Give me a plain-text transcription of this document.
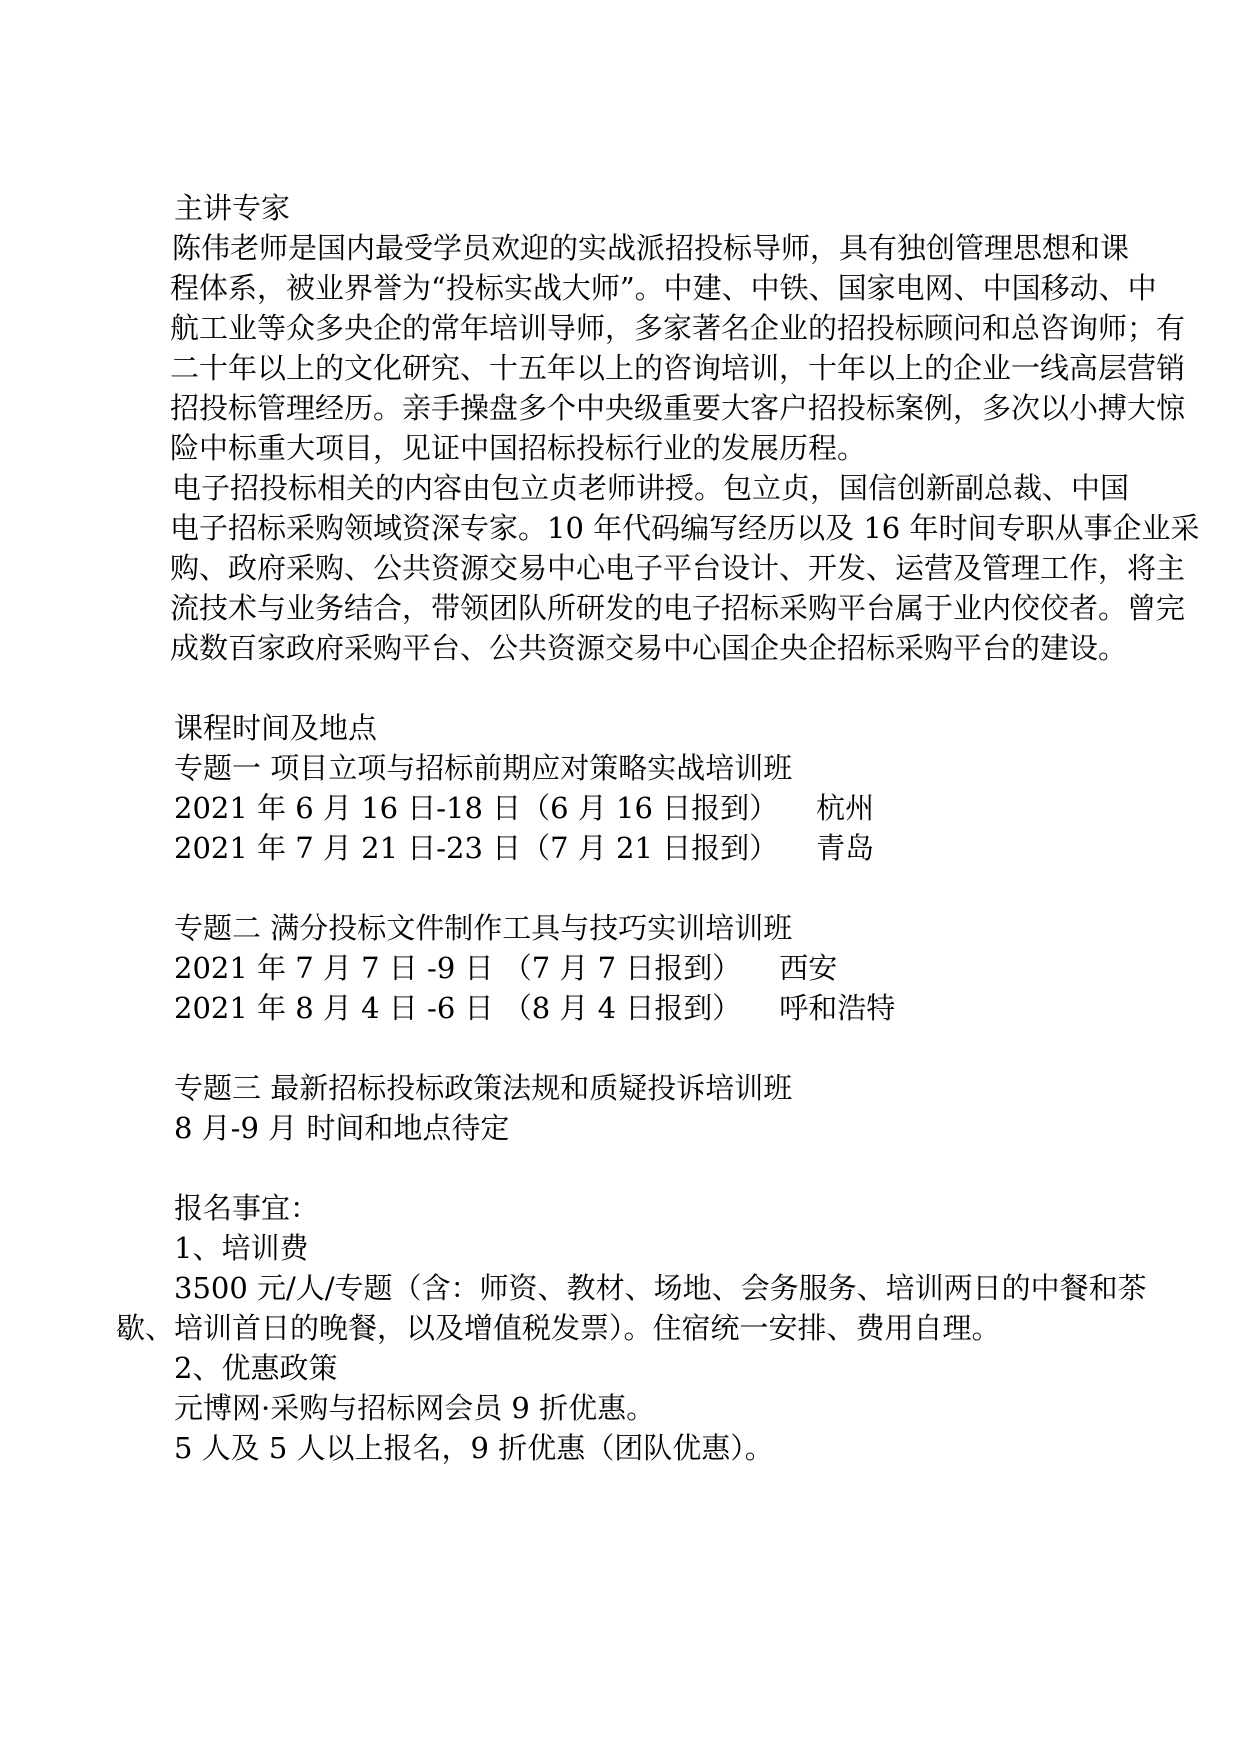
主讲专家
陈伟老师是国内最受学员欢迎的实战派招投标导师，具有独创管理思想和课
程体系，被业界誉为“投标实战大师”。中建、中铁、国家电网、中国移动、中
航工业等众多央企的常年培训导师，多家著名企业的招投标顾问和总咨询师；有
二十年以上的文化研究、十五年以上的咨询培训，十年以上的企业一线高层营销
招投标管理经历。亲手操盘多个中央级重要大客户招投标案例，多次以小搏大惊
险中标重大项目，见证中国招标投标行业的发展历程。
电子招投标相关的内容由包立贞老师讲授。包立贞，国信创新副总裁、中国
电子招标采购领域资深专家。10 年代码编写经历以及 16 年时间专职从事企业采
购、政府采购、公共资源交易中心电子平台设计、开发、运营及管理工作，将主
流技术与业务结合，带领团队所研发的电子招标采购平台属于业内佼佼者。曾完
成数百家政府采购平台、公共资源交易中心国企央企招标采购平台的建设。
课程时间及地点
专题一 项目立项与招标前期应对策略实战培训班
2021 年 6 月 16 日-18 日（6 月 16 日报到） 杭州
2021 年 7 月 21 日-23 日（7 月 21 日报到） 青岛
专题二 满分投标文件制作工具与技巧实训培训班
2021 年 7 月 7 日 -9 日 （7 月 7 日报到） 西安
2021 年 8 月 4 日 -6 日 （8 月 4 日报到） 呼和浩特
专题三 最新招标投标政策法规和质疑投诉培训班
8 月-9 月 时间和地点待定
报名事宜：
1、培训费
3500 元/人/专题（含：师资、教材、场地、会务服务、培训两日的中餐和茶
歇、培训首日的晚餐，以及增值税发票）。住宿统一安排、费用自理。
2、优惠政策
元博网·采购与招标网会员 9 折优惠。
5 人及 5 人以上报名，9 折优惠（团队优惠）。
